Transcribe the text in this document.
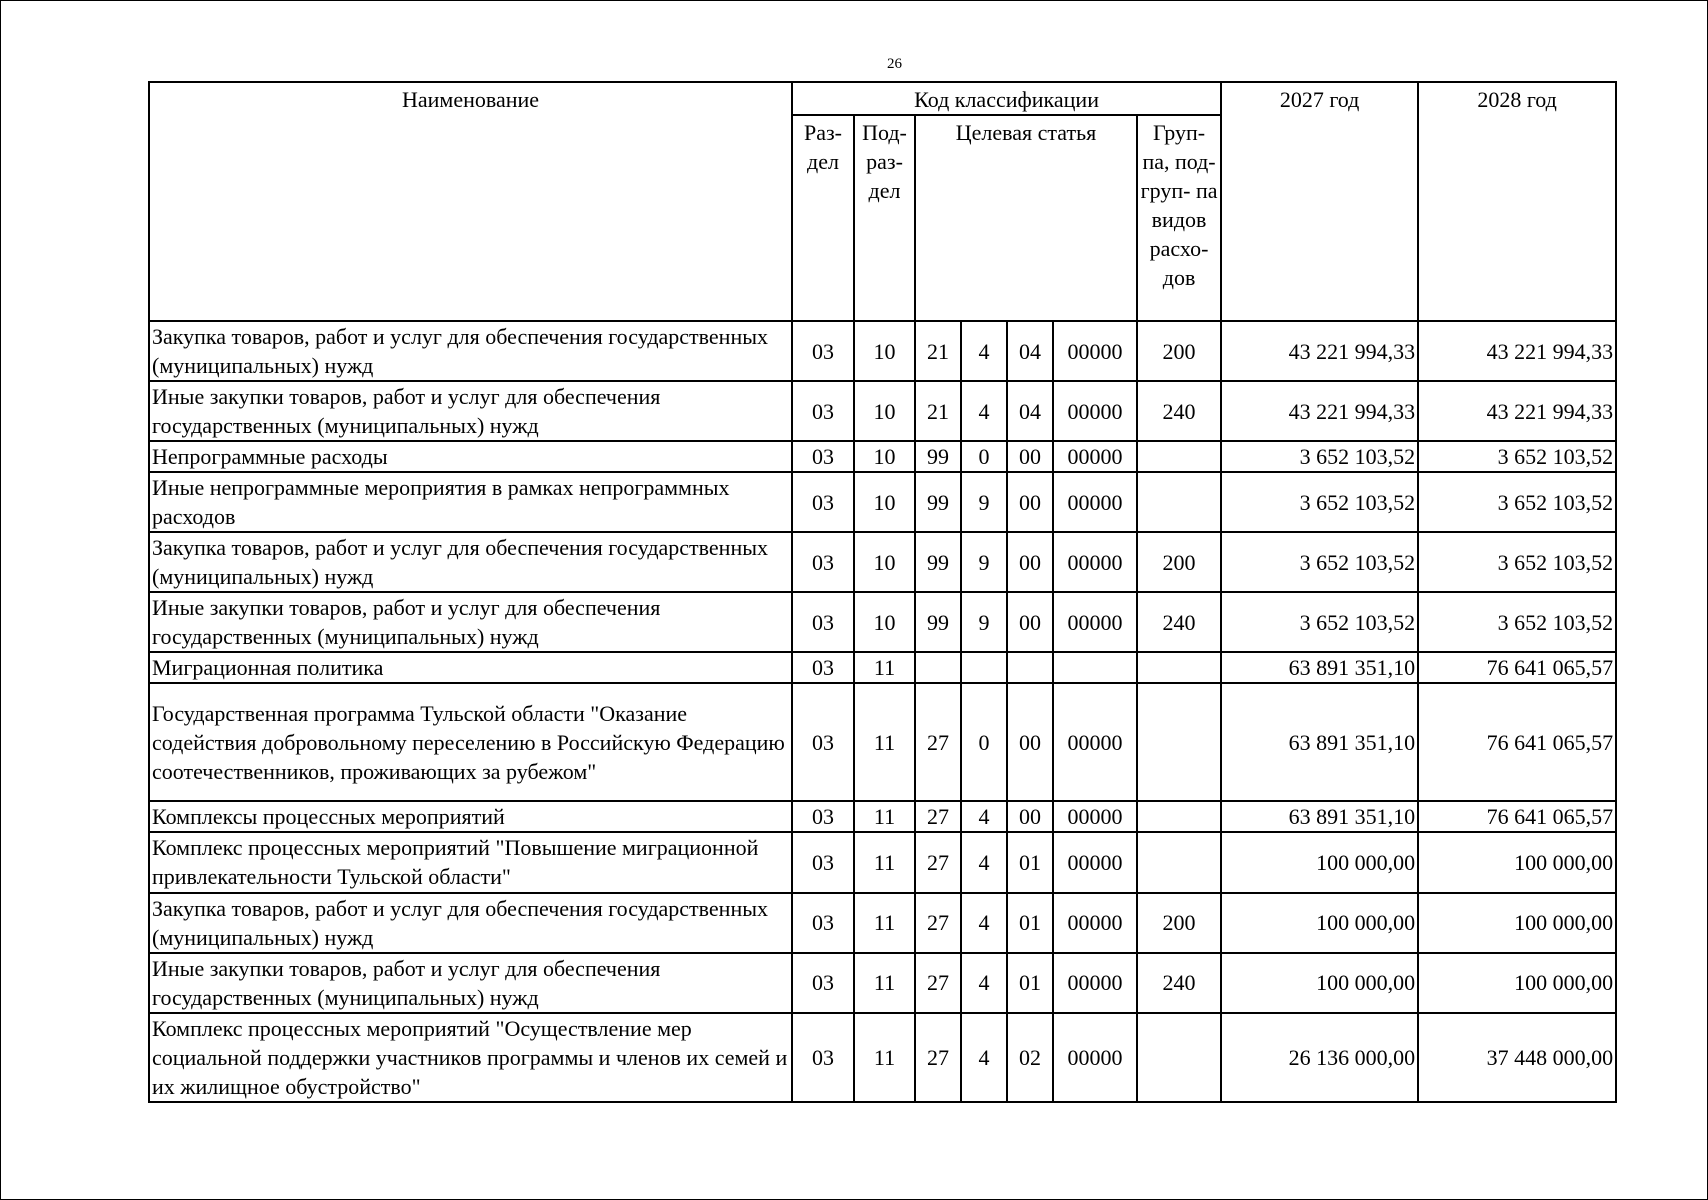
26
Наименование	Код классификации							2027 год	2028 год
	Раз- дел	Под- раз- дел	Целевая статья				Груп- па, под- груп- па видов расхо- дов		
Закупка товаров, работ и услуг для обеспечения государственных (муниципальных) нужд	03	10	21	4	04	00000	200	43 221 994,33	43 221 994,33
Иные закупки товаров, работ и услуг для обеспечения государственных (муниципальных) нужд	03	10	21	4	04	00000	240	43 221 994,33	43 221 994,33
Непрограммные расходы	03	10	99	0	00	00000		3 652 103,52	3 652 103,52
Иные непрограммные мероприятия в рамках непрограммных расходов	03	10	99	9	00	00000		3 652 103,52	3 652 103,52
Закупка товаров, работ и услуг для обеспечения государственных (муниципальных) нужд	03	10	99	9	00	00000	200	3 652 103,52	3 652 103,52
Иные закупки товаров, работ и услуг для обеспечения государственных (муниципальных) нужд	03	10	99	9	00	00000	240	3 652 103,52	3 652 103,52
Миграционная политика	03	11						63 891 351,10	76 641 065,57
Государственная программа Тульской области "Оказание содействия добровольному переселению в Российскую Федерацию соотечественников, проживающих за рубежом"	03	11	27	0	00	00000		63 891 351,10	76 641 065,57
Комплексы процессных мероприятий	03	11	27	4	00	00000		63 891 351,10	76 641 065,57
Комплекс процессных мероприятий "Повышение миграционной привлекательности Тульской области"	03	11	27	4	01	00000		100 000,00	100 000,00
Закупка товаров, работ и услуг для обеспечения государственных (муниципальных) нужд	03	11	27	4	01	00000	200	100 000,00	100 000,00
Иные закупки товаров, работ и услуг для обеспечения государственных (муниципальных) нужд	03	11	27	4	01	00000	240	100 000,00	100 000,00
Комплекс процессных мероприятий "Осуществление мер социальной поддержки участников программы и членов их семей и их жилищное обустройство"	03	11	27	4	02	00000		26 136 000,00	37 448 000,00
